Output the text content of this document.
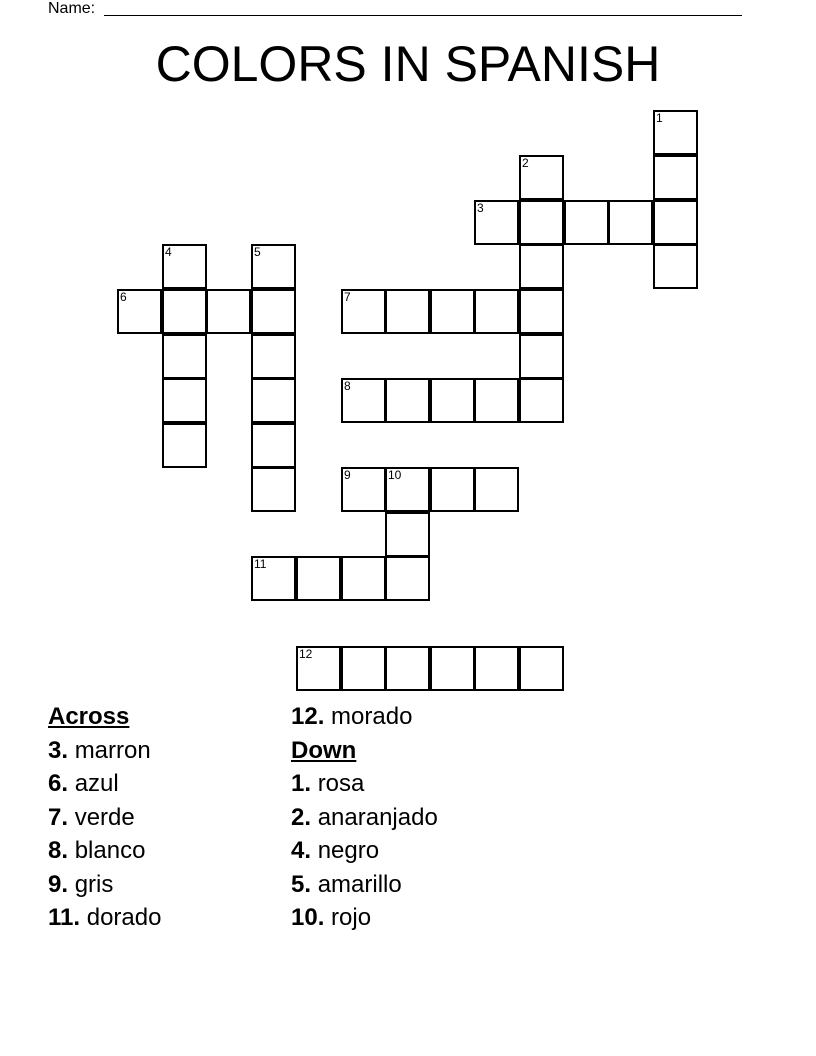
Name:
COLORS IN SPANISH
1
2
3
4	5
6	7
8
9	10
11
12
Across
3. marron
6. azul
7. verde
8. blanco
9. gris
11. dorado
12. morado
Down
1. rosa
2. anaranjado
4. negro
5. amarillo
10. rojo
